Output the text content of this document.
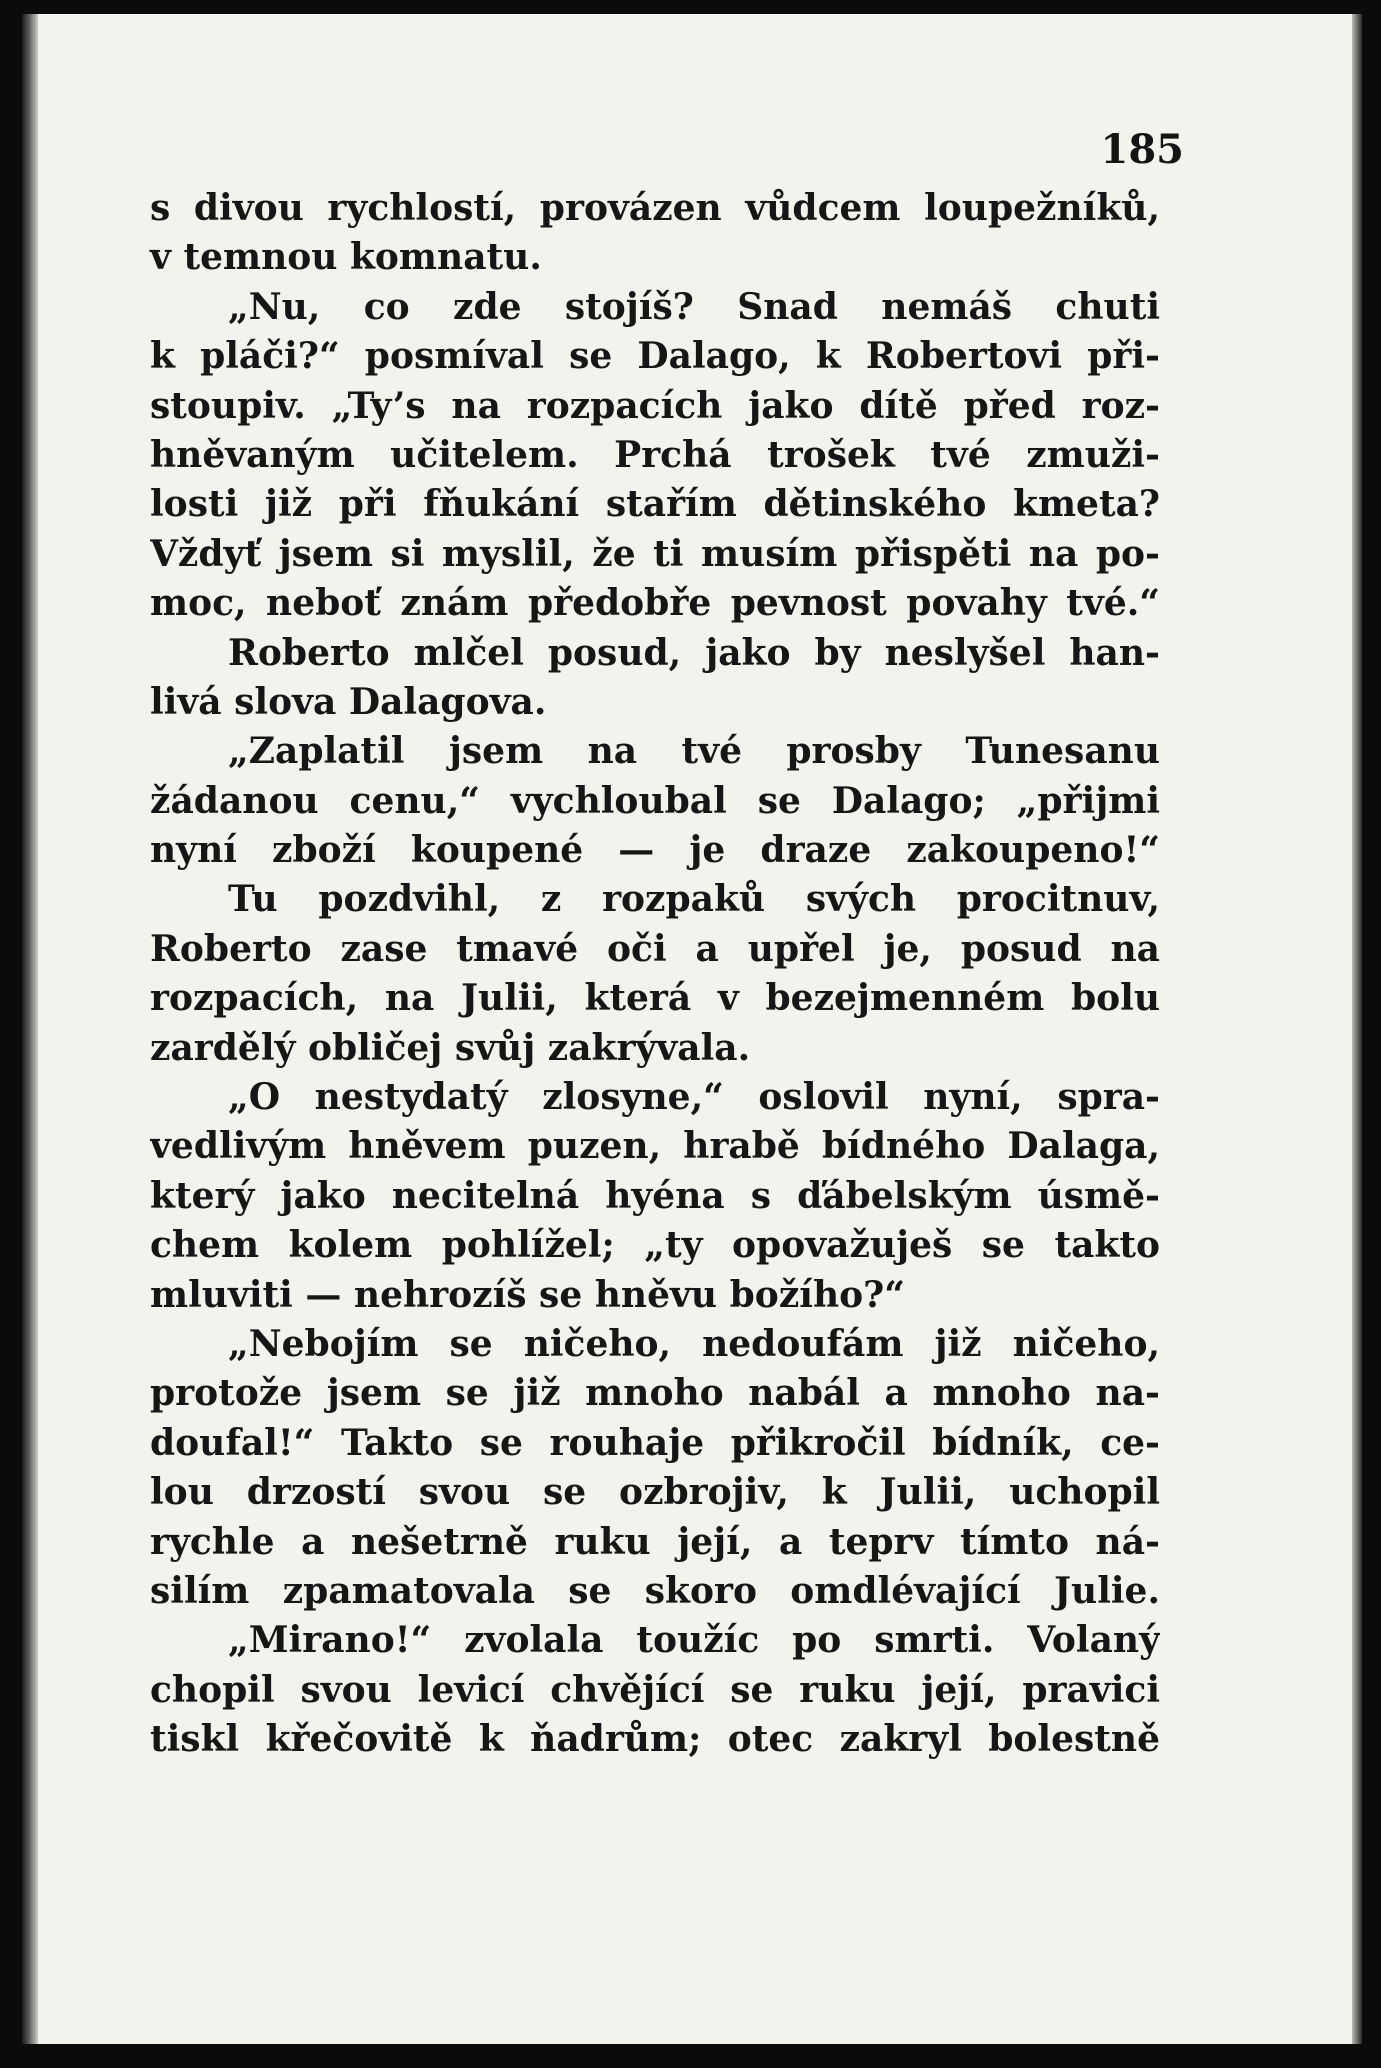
185
s divou rychlostí, provázen vůdcem loupežníků,
v temnou komnatu.
„Nu, co zde stojíš? Snad nemáš chuti
k pláči?“ posmíval se Dalago, k Robertovi při-
stoupiv. „Ty’s na rozpacích jako dítě před roz-
hněvaným učitelem. Prchá trošek tvé zmuži-
losti již při fňukání stařím dětinského kmeta?
Vždyť jsem si myslil, že ti musím přispěti na po-
moc, neboť znám předobře pevnost povahy tvé.“
Roberto mlčel posud, jako by neslyšel han-
livá slova Dalagova.
„Zaplatil jsem na tvé prosby Tunesanu
žádanou cenu,“ vychloubal se Dalago; „přijmi
nyní zboží koupené — je draze zakoupeno!“
Tu pozdvihl, z rozpaků svých procitnuv,
Roberto zase tmavé oči a upřel je, posud na
rozpacích, na Julii, která v bezejmenném bolu
zardělý obličej svůj zakrývala.
„O nestydatý zlosyne,“ oslovil nyní, spra-
vedlivým hněvem puzen, hrabě bídného Dalaga,
který jako necitelná hyéna s ďábelským úsmě-
chem kolem pohlížel; „ty opovažuješ se takto
mluviti — nehrozíš se hněvu božího?“
„Nebojím se ničeho, nedoufám již ničeho,
protože jsem se již mnoho nabál a mnoho na-
doufal!“ Takto se rouhaje přikročil bídník, ce-
lou drzostí svou se ozbrojiv, k Julii, uchopil
rychle a nešetrně ruku její, a teprv tímto ná-
silím zpamatovala se skoro omdlévající Julie.
„Mirano!“ zvolala toužíc po smrti. Volaný
chopil svou levicí chvějící se ruku její, pravici
tiskl křečovitě k ňadrům; otec zakryl bolestně
